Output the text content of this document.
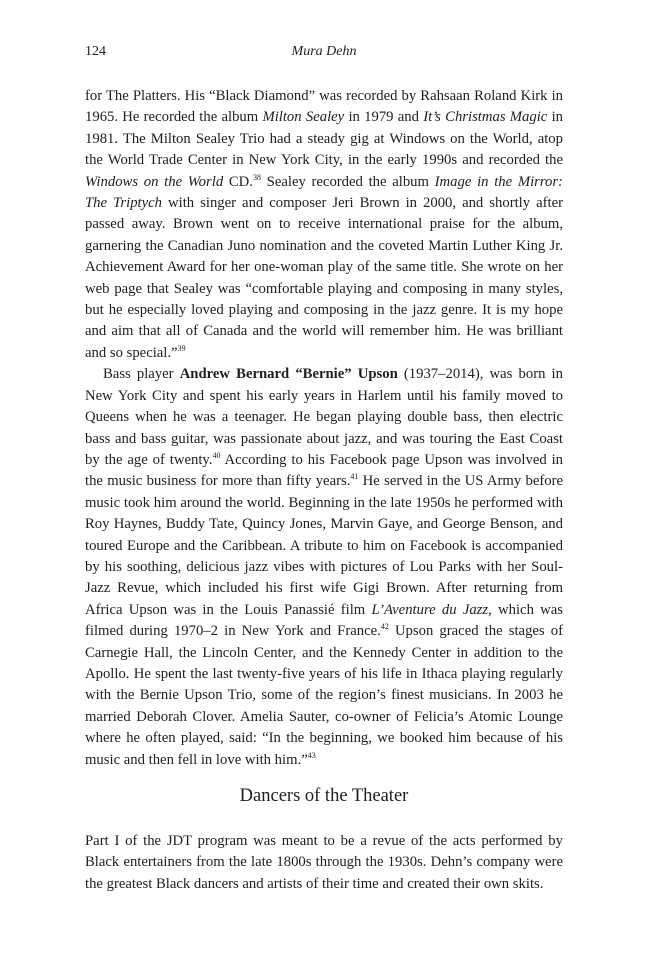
124	Mura Dehn

for The Platters. His “Black Diamond” was recorded by Rahsaan Roland Kirk in 1965. He recorded the album Milton Sealey in 1979 and It’s Christmas Magic in 1981. The Milton Sealey Trio had a steady gig at Windows on the World, atop the World Trade Center in New York City, in the early 1990s and recorded the Windows on the World CD.$^{38}$ Sealey recorded the album Image in the Mirror: The Triptych with singer and composer Jeri Brown in 2000, and shortly after passed away. Brown went on to receive international praise for the album, garnering the Canadian Juno nomination and the coveted Martin Luther King Jr. Achievement Award for her one-woman play of the same title. She wrote on her web page that Sealey was “comfortable playing and composing in many styles, but he especially loved playing and composing in the jazz genre. It is my hope and aim that all of Canada and the world will remember him. He was brilliant and so special.”$^{39}$

Bass player Andrew Bernard “Bernie” Upson (1937–2014), was born in New York City and spent his early years in Harlem until his family moved to Queens when he was a teenager. He began playing double bass, then electric bass and bass guitar, was passionate about jazz, and was touring the East Coast by the age of twenty.$^{40}$ According to his Facebook page Upson was involved in the music business for more than fifty years.$^{41}$ He served in the US Army before music took him around the world. Beginning in the late 1950s he performed with Roy Haynes, Buddy Tate, Quincy Jones, Marvin Gaye, and George Benson, and toured Europe and the Caribbean. A tribute to him on Facebook is accompanied by his soothing, delicious jazz vibes with pictures of Lou Parks with her Soul-Jazz Revue, which included his first wife Gigi Brown. After returning from Africa Upson was in the Louis Panassié film L’Aventure du Jazz, which was filmed during 1970–2 in New York and France.$^{42}$ Upson graced the stages of Carnegie Hall, the Lincoln Center, and the Kennedy Center in addition to the Apollo. He spent the last twenty-five years of his life in Ithaca playing regularly with the Bernie Upson Trio, some of the region’s finest musicians. In 2003 he married Deborah Clover. Amelia Sauter, co-owner of Felicia’s Atomic Lounge where he often played, said: “In the beginning, we booked him because of his music and then fell in love with him.”$^{43}$

Dancers of the Theater

Part I of the JDT program was meant to be a revue of the acts performed by Black entertainers from the late 1800s through the 1930s. Dehn’s company were the greatest Black dancers and artists of their time and created their own skits.
